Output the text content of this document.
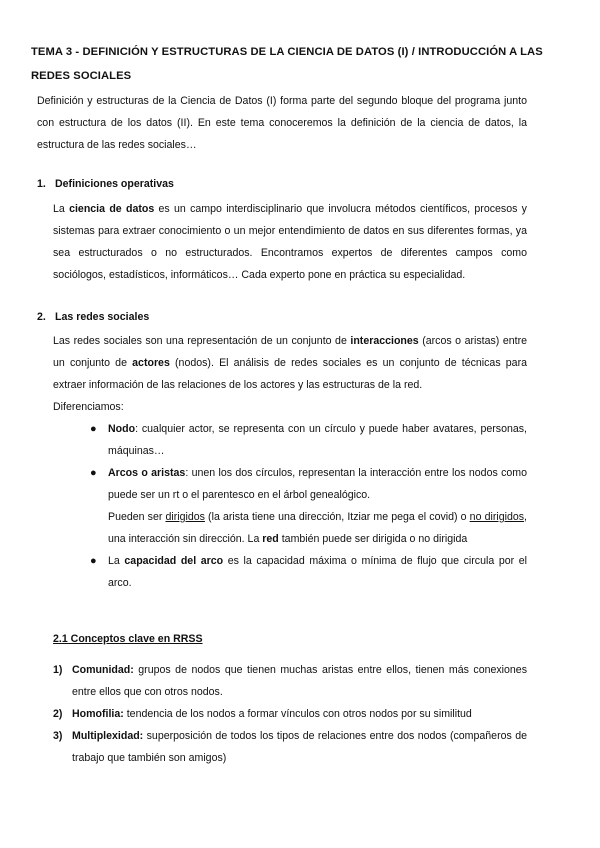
TEMA 3 - DEFINICIÓN Y ESTRUCTURAS DE LA CIENCIA DE DATOS (I) / INTRODUCCIÓN A LAS REDES SOCIALES
Definición y estructuras de la Ciencia de Datos (I) forma parte del segundo bloque del programa junto con estructura de los datos (II). En este tema conoceremos la definición de la ciencia de datos, la estructura de las redes sociales…
1. Definiciones operativas
La ciencia de datos es un campo interdisciplinario que involucra métodos científicos, procesos y sistemas para extraer conocimiento o un mejor entendimiento de datos en sus diferentes formas, ya sea estructurados o no estructurados. Encontramos expertos de diferentes campos como sociólogos, estadísticos, informáticos… Cada experto pone en práctica su especialidad.
2. Las redes sociales
Las redes sociales son una representación de un conjunto de interacciones (arcos o aristas) entre un conjunto de actores (nodos). El análisis de redes sociales es un conjunto de técnicas para extraer información de las relaciones de los actores y las estructuras de la red.
Diferenciamos:
● Nodo: cualquier actor, se representa con un círculo y puede haber avatares, personas, máquinas…
● Arcos o aristas: unen los dos círculos, representan la interacción entre los nodos como puede ser un rt o el parentesco en el árbol genealógico.
Pueden ser dirigidos (la arista tiene una dirección, Itziar me pega el covid) o no dirigidos, una interacción sin dirección. La red también puede ser dirigida o no dirigida
● La capacidad del arco es la capacidad máxima o mínima de flujo que circula por el arco.
2.1 Conceptos clave en RRSS
1) Comunidad: grupos de nodos que tienen muchas aristas entre ellos, tienen más conexiones entre ellos que con otros nodos.
2) Homofilia: tendencia de los nodos a formar vínculos con otros nodos por su similitud
3) Multiplexidad: superposición de todos los tipos de relaciones entre dos nodos (compañeros de trabajo que también son amigos)
